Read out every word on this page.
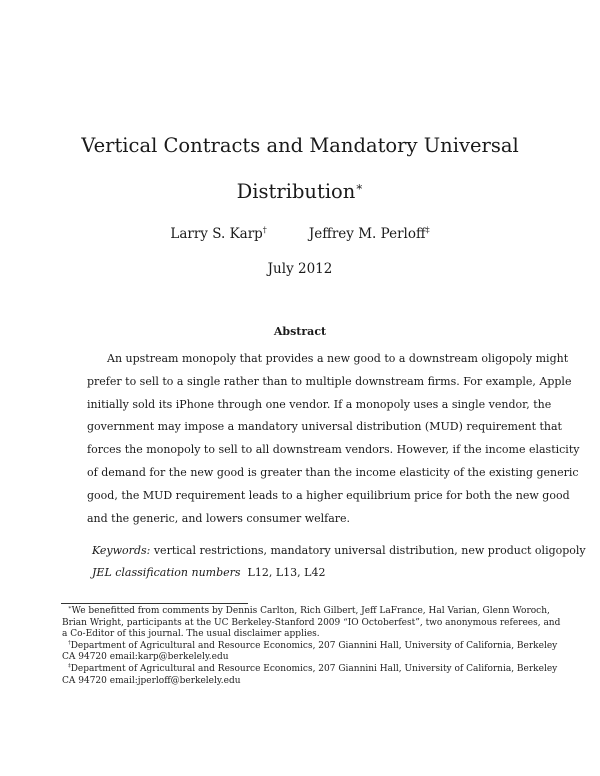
Vertical Contracts and Mandatory Universal
Distribution∗
Larry S. Karp†	Jeffrey M. Perloff‡
July 2012
Abstract
An upstream monopoly that provides a new good to a downstream oligopoly might
prefer to sell to a single rather than to multiple downstream firms. For example, Apple
initially sold its iPhone through one vendor. If a monopoly uses a single vendor, the
government may impose a mandatory universal distribution (MUD) requirement that
forces the monopoly to sell to all downstream vendors. However, if the income elasticity
of demand for the new good is greater than the income elasticity of the existing generic
good, the MUD requirement leads to a higher equilibrium price for both the new good
and the generic, and lowers consumer welfare.
Keywords: vertical restrictions, mandatory universal distribution, new product oligopoly
JEL classification numbers L12, L13, L42
∗We benefitted from comments by Dennis Carlton, Rich Gilbert, Jeff LaFrance, Hal Varian, Glenn Woroch,
Brian Wright, participants at the UC Berkeley-Stanford 2009 “IO Octoberfest”, two anonymous referees, and
a Co-Editor of this journal. The usual disclaimer applies.
†Department of Agricultural and Resource Economics, 207 Giannini Hall, University of California, Berkeley
CA 94720 email:karp@berkelely.edu
‡Department of Agricultural and Resource Economics, 207 Giannini Hall, University of California, Berkeley
CA 94720 email:jperloff@berkelely.edu
